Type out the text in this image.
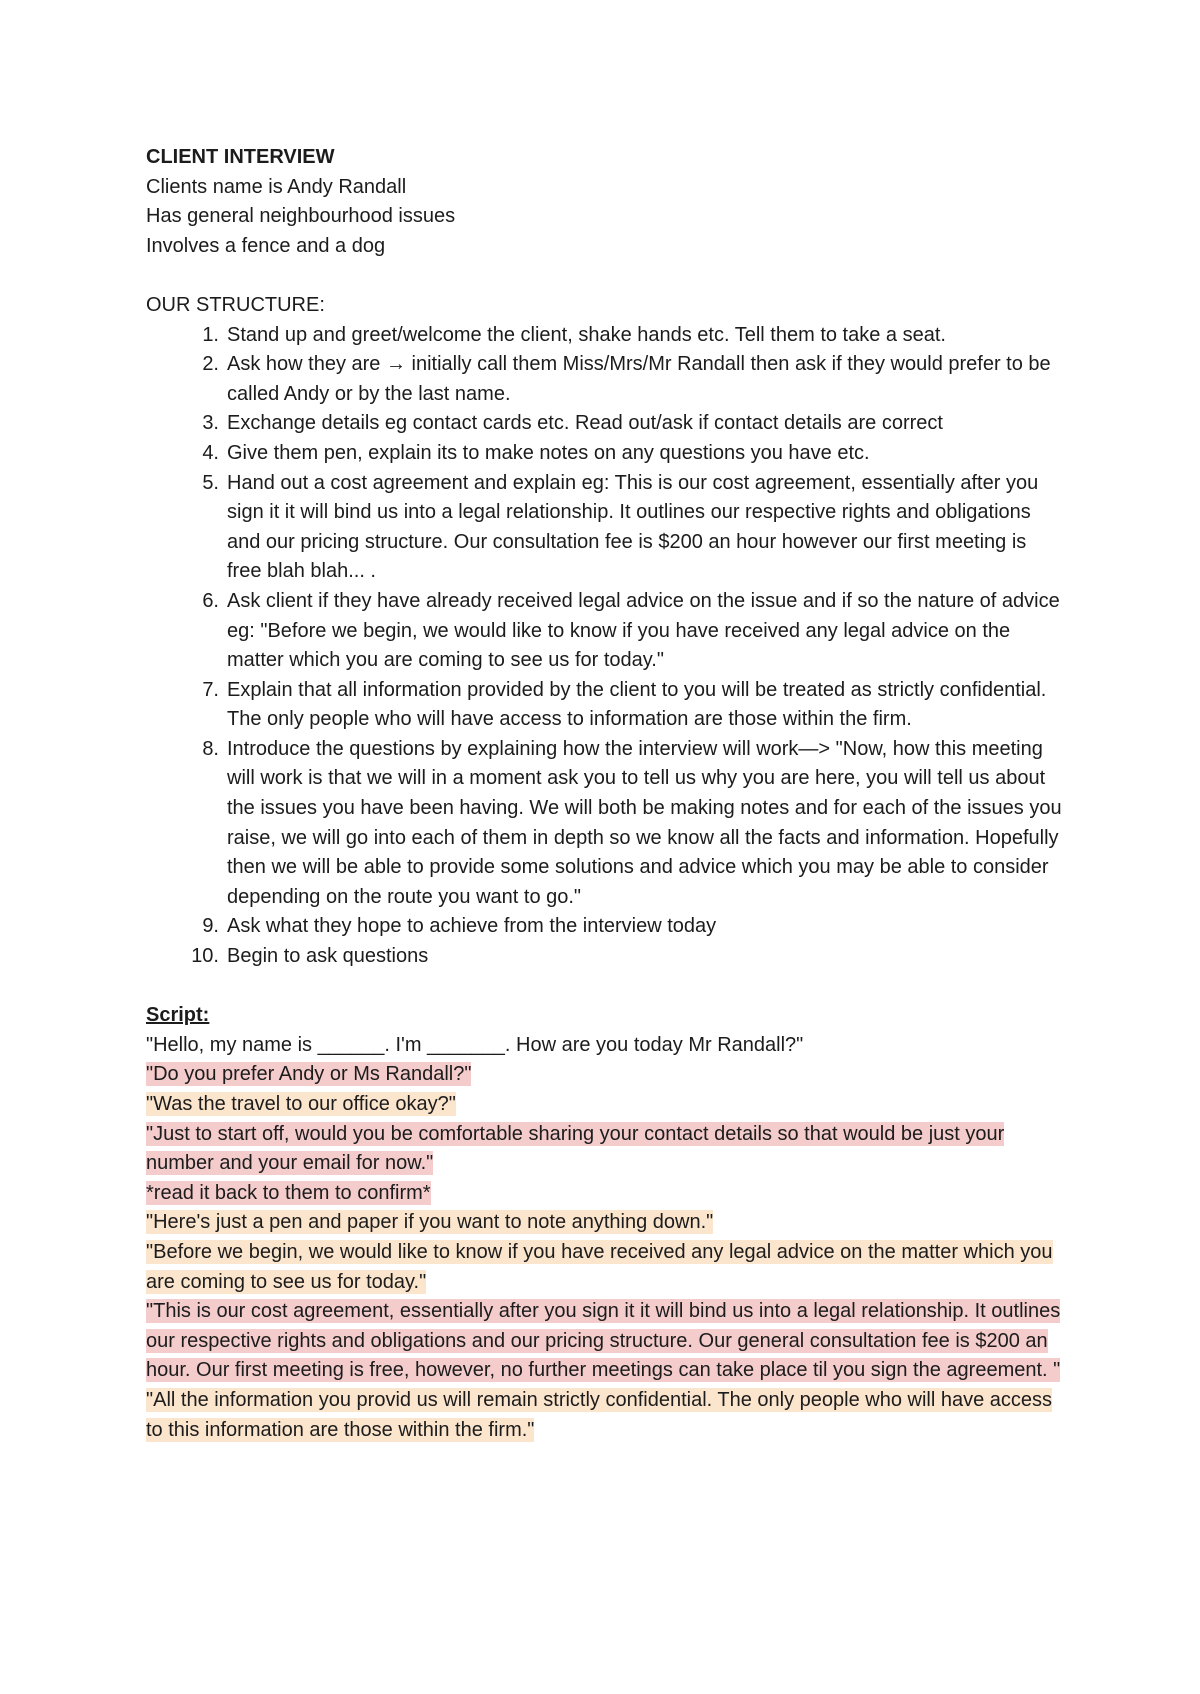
CLIENT INTERVIEW
Clients name is Andy Randall
Has general neighbourhood issues
Involves a fence and a dog
OUR STRUCTURE:
1. Stand up and greet/welcome the client, shake hands etc. Tell them to take a seat.
2. Ask how they are → initially call them Miss/Mrs/Mr Randall then ask if they would prefer to be called Andy or by the last name.
3. Exchange details eg contact cards etc. Read out/ask if contact details are correct
4. Give them pen, explain its to make notes on any questions you have etc.
5. Hand out a cost agreement and explain eg: This is our cost agreement, essentially after you sign it it will bind us into a legal relationship. It outlines our respective rights and obligations and our pricing structure. Our consultation fee is $200 an hour however our first meeting is free blah blah... .
6. Ask client if they have already received legal advice on the issue and if so the nature of advice eg: "Before we begin, we would like to know if you have received any legal advice on the matter which you are coming to see us for today."
7. Explain that all information provided by the client to you will be treated as strictly confidential. The only people who will have access to information are those within the firm.
8. Introduce the questions by explaining how the interview will work—> "Now, how this meeting will work is that we will in a moment ask you to tell us why you are here, you will tell us about the issues you have been having. We will both be making notes and for each of the issues you raise, we will go into each of them in depth so we know all the facts and information. Hopefully then we will be able to provide some solutions and advice which you may be able to consider depending on the route you want to go."
9. Ask what they hope to achieve from the interview today
10. Begin to ask questions
Script:
"Hello, my name is ______. I'm _______. How are you today Mr Randall?"
"Do you prefer Andy or Ms Randall?"
"Was the travel to our office okay?"
"Just to start off, would you be comfortable sharing your contact details so that would be just your number and your email for now."
*read it back to them to confirm*
"Here's just a pen and paper if you want to note anything down."
"Before we begin, we would like to know if you have received any legal advice on the matter which you are coming to see us for today."
"This is our cost agreement, essentially after you sign it it will bind us into a legal relationship. It outlines our respective rights and obligations and our pricing structure. Our general consultation fee is $200 an hour. Our first meeting is free, however, no further meetings can take place til you sign the agreement. "
"All the information you provid us will remain strictly confidential. The only people who will have access to this information are those within the firm."
